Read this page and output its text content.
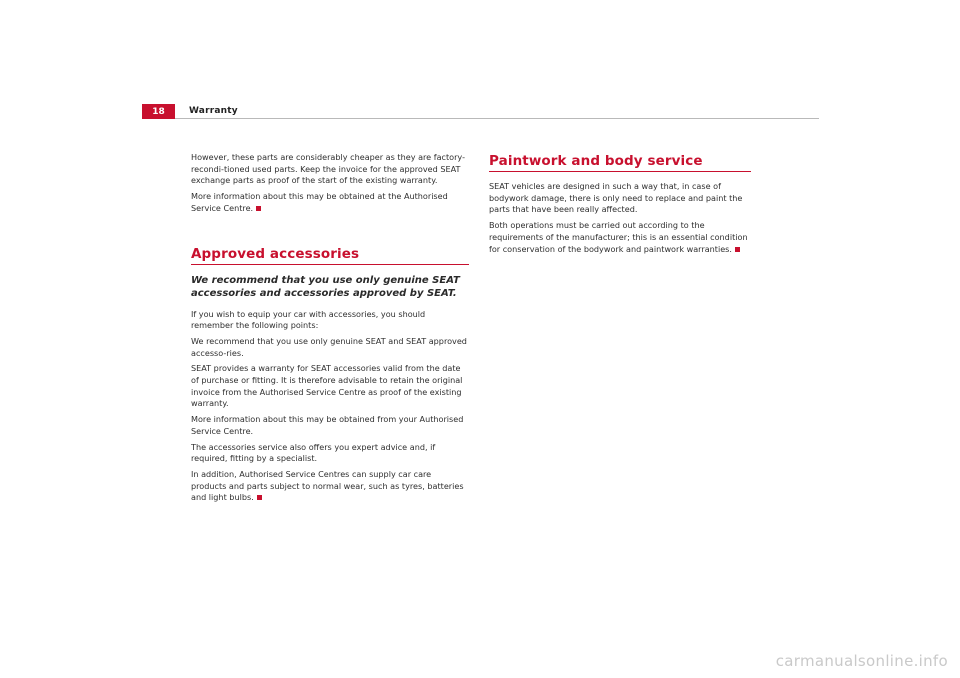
18	Warranty

However, these parts are considerably cheaper as they are factory-recondi-tioned used parts. Keep the invoice for the approved SEAT exchange parts as proof of the start of the existing warranty.

More information about this may be obtained at the Authorised Service Centre.

Approved accessories
We recommend that you use only genuine SEAT accessories and accessories approved by SEAT.

If you wish to equip your car with accessories, you should remember the following points:

We recommend that you use only genuine SEAT and SEAT approved accesso-ries.

SEAT provides a warranty for SEAT accessories valid from the date of purchase or fitting. It is therefore advisable to retain the original invoice from the Authorised Service Centre as proof of the existing warranty.

More information about this may be obtained from your Authorised Service Centre.

The accessories service also offers you expert advice and, if required, fitting by a specialist.

In addition, Authorised Service Centres can supply car care products and parts subject to normal wear, such as tyres, batteries and light bulbs.

Paintwork and body service

SEAT vehicles are designed in such a way that, in case of bodywork damage, there is only need to replace and paint the parts that have been really affected.

Both operations must be carried out according to the requirements of the manufacturer; this is an essential condition for conservation of the bodywork and paintwork warranties.

carmanualsonline.info
